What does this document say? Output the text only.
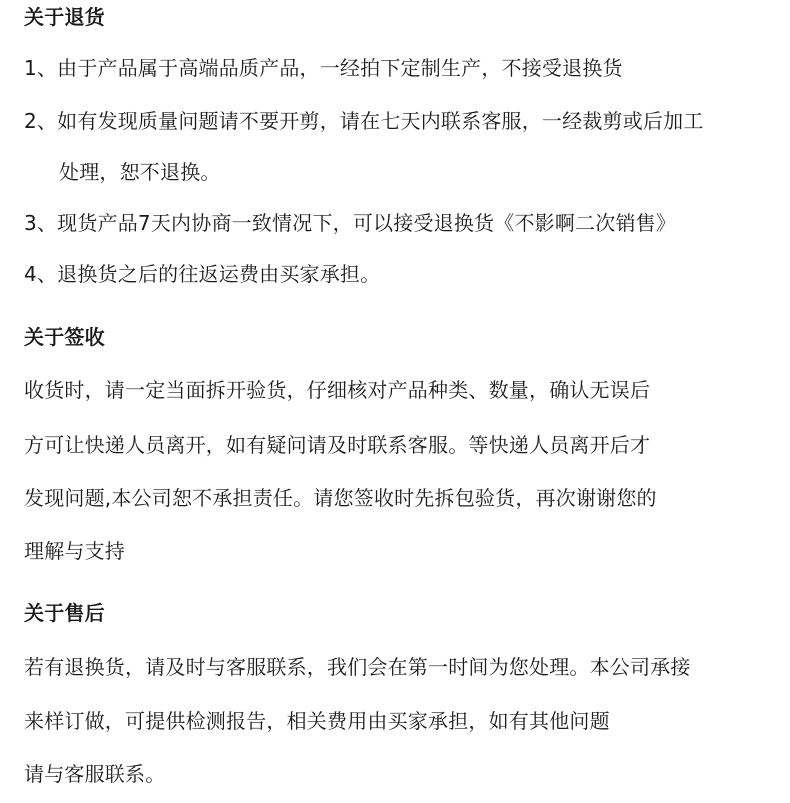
关于退货
1、由于产品属于高端品质产品，一经拍下定制生产，不接受退换货
2、如有发现质量问题请不要开剪，请在七天内联系客服，一经裁剪或后加工
处理，恕不退换。
3、现货产品7天内协商一致情况下，可以接受退换货《不影啊二次销售》
4、退换货之后的往返运费由买家承担。
关于签收
收货时，请一定当面拆开验货，仔细核对产品种类、数量，确认无误后
方可让快递人员离开，如有疑问请及时联系客服。等快递人员离开后才
发现问题,本公司恕不承担责任。请您签收时先拆包验货，再次谢谢您的
理解与支持
关于售后
若有退换货，请及时与客服联系，我们会在第一时间为您处理。本公司承接
来样订做，可提供检测报告，相关费用由买家承担，如有其他问题
请与客服联系。
